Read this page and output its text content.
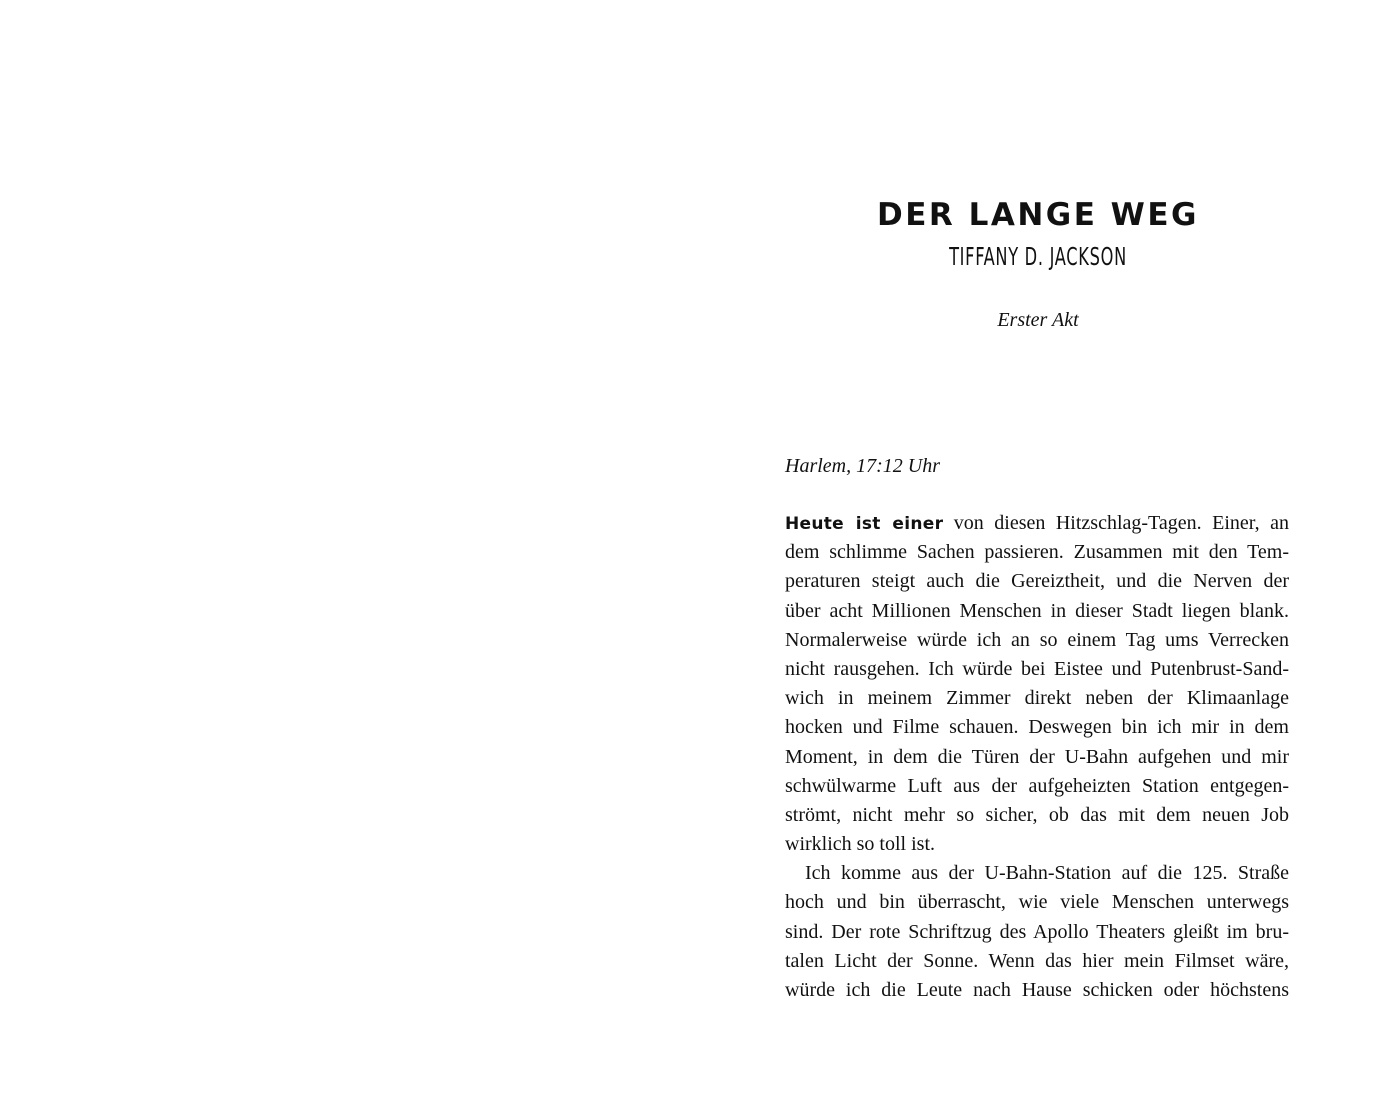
DER LANGE WEG
TIFFANY D. JACKSON
Erster Akt
Harlem, 17:12 Uhr
Heute ist einer von diesen Hitzschlag-Tagen. Einer, an
dem schlimme Sachen passieren. Zusammen mit den Tem-
peraturen steigt auch die Gereiztheit, und die Nerven der
über acht Millionen Menschen in dieser Stadt liegen blank.
Normalerweise würde ich an so einem Tag ums Verrecken
nicht rausgehen. Ich würde bei Eistee und Putenbrust-Sand-
wich in meinem Zimmer direkt neben der Klimaanlage
hocken und Filme schauen. Deswegen bin ich mir in dem
Moment, in dem die Türen der U-Bahn aufgehen und mir
schwülwarme Luft aus der aufgeheizten Station entgegen-
strömt, nicht mehr so sicher, ob das mit dem neuen Job
wirklich so toll ist.
Ich komme aus der U-Bahn-Station auf die 125. Straße
hoch und bin überrascht, wie viele Menschen unterwegs
sind. Der rote Schriftzug des Apollo Theaters gleißt im bru-
talen Licht der Sonne. Wenn das hier mein Filmset wäre,
würde ich die Leute nach Hause schicken oder höchstens
